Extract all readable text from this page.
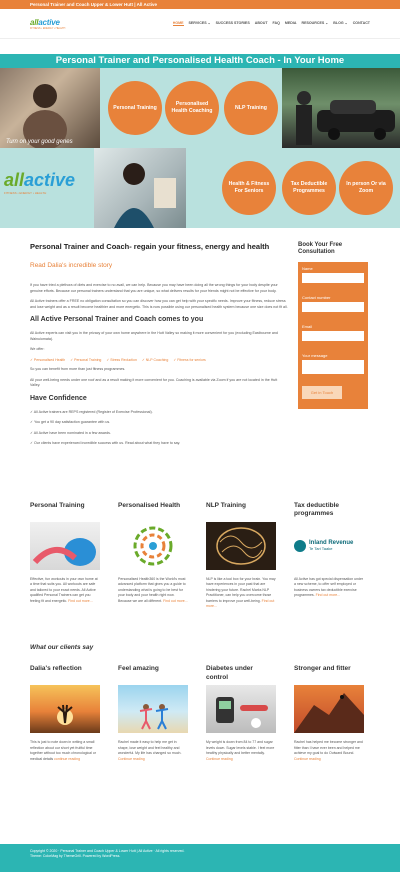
Personal Trainer and Coach Upper & Lower Hutt | All Active
allactive
FITNESS • ENERGY • HEALTH
HOME SERVICES ⌄ SUCCESS STORIES ABOUT FAQ MEDIA RESOURCES ⌄ BLOG ⌄ CONTACT
Personal Trainer and Personalised Health Coach - In Your Home
Turn on your good genes
Personal Training
Personalised Health Coaching
NLP Training
allactive
FITNESS • ENERGY • HEALTH
Health & Fitness For Seniors
Tax Deductible Programmes
In person Or via Zoom
Personal Trainer and Coach- regain your fitness, energy and health
Read Dalia's incredible story

If you have tried a plethora of diets and exercise to no avail, we can help. Because you may have been doing all the wrong things for your body despite your genuine efforts. Because our personal trainers understand that you are unique, so what delivers results for your friends might not be effective for your body.

All Active trainers offer a FREE no obligation consultation so you can discover how you can get help with your specific needs. Improve your fitness, reduce stress and lose weight and as a result become healthier and more energetic. This is now possible using our personalised health system because one size does not fit all.

All Active Personal Trainer and Coach comes to you

All Active experts can visit you in the privacy of your own home anywhere in the Hutt Valley so making it more convenient for you (excluding Eastbourne and Wainuiomata).

We offer:

✓ Personalised Health ✓ Personal Training ✓ Stress Reduction ✓ NLP Coaching ✓ Fitness for seniors

So you can benefit from more than just fitness programmes.

All your well-being needs under one roof and as a result making it more convenient for you. Coaching is available via Zoom if you are not located in the Hutt Valley.

Have Confidence

✓ All Active trainers are REPS registered (Register of Exercise Professional).

✓ You get a 90 day satisfaction guarantee with us.

✓ All Active have been nominated in a few awards.

✓ Our clients have experienced incredible success with us. Read about what they have to say.

Book Your Free Consultation
Name
Contact number
Email
Your message
Get in Touch
Personal Training

Effective, fun workouts in your own home at a time that suits you. All workouts are safe and tailored to your exact needs. All Active qualified Personal Trainers can get you feeling fit and energetic. Find out more...

Personalised Health

Personalised Health360 is the World's most advanced platform that gives you a guide to understanding what is going to be best for your body and your health right now. Because we are all different. Find out more...

NLP Training

NLP is like a tool box for your brain. You may have experiences in your past that are hindering your future. Rachel Marks NLP Practitioner, can help you overcome those barriers to improve your well-being. Find out more...

Tax deductible programmes
Inland Revenue
Te Tari Taake

All Active has got special dispensation under a new scheme, to offer self employed or business owners tax deductible exercise programmes. Find out more...

What our clients say
Dalia's reflection

This is just to note down in writing a small reflection about our short yet fruitful time together without too much chronological or medical details continue reading

Feel amazing

Rachel made it easy to help me get in shape, lose weight and feel healthy and wonderful. My life has changed so much. Continue reading

Diabetes under control

My weight is down from 84 to 77 and sugar levels down. Sugar levels stable. I feel more healthy physically and better mentally. Continue reading

Stronger and fitter

Rachel has helped me become stronger and fitter than I have ever been and helped me achieve my goal to do Outward Bound. Continue reading

Copyright © 2020 · Personal Trainer and Coach Upper & Lower Hutt | All Active · All rights reserved.
Theme: ColorMag by ThemeGrill. Powered by WordPress.
